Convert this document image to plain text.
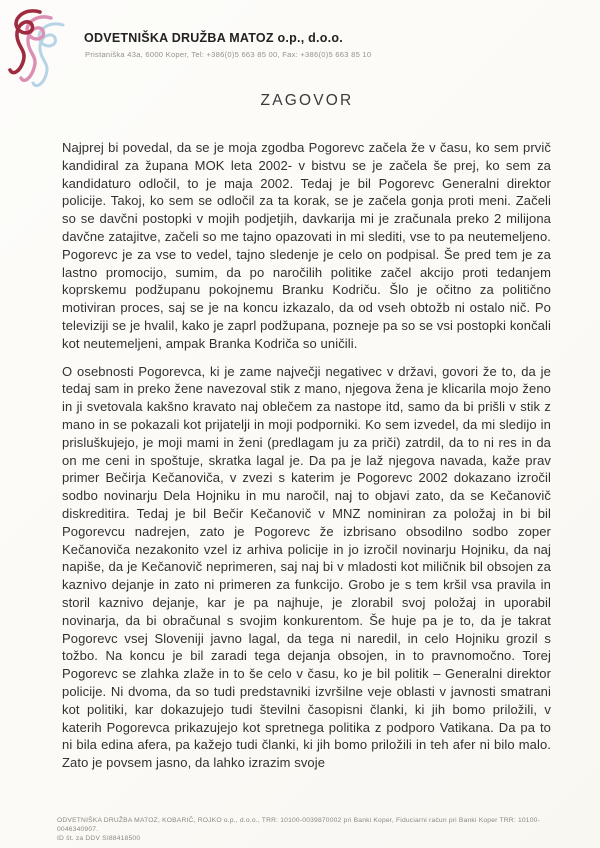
ODVETNIŠKA DRUŽBA MATOZ o.p., d.o.o.
Pristaniška 43a, 6000 Koper, Tel: +386(0)5 663 85 00, Fax: +386(0)5 663 85 10
ZAGOVOR

Najprej bi povedal, da se je moja zgodba Pogorevc začela že v času, ko sem prvič kandidiral za župana MOK leta 2002- v bistvu se je začela še prej, ko sem za kandidaturo odločil, to je maja 2002. Tedaj je bil Pogorevc Generalni direktor policije. Takoj, ko sem se odločil za ta korak, se je začela gonja proti meni. Začeli so se davčni postopki v mojih podjetjih, davkarija mi je zračunala preko 2 milijona davčne zatajitve, začeli so me tajno opazovati in mi slediti, vse to pa neutemeljeno. Pogorevc je za vse to vedel, tajno sledenje je celo on podpisal. Še pred tem je za lastno promocijo, sumim, da po naročilih politike začel akcijo proti tedanjem koprskemu podžupanu pokojnemu Branku Kodriču. Šlo je očitno za politično motiviran proces, saj se je na koncu izkazalo, da od vseh obtožb ni ostalo nič. Po televiziji se je hvalil, kako je zaprl podžupana, pozneje pa so se vsi postopki končali kot neutemeljeni, ampak Branka Kodriča so uničili.

O osebnosti Pogorevca, ki je zame največji negativec v državi, govori že to, da je tedaj sam in preko žene navezoval stik z mano, njegova žena je klicarila mojo ženo in ji svetovala kakšno kravato naj oblečem za nastope itd, samo da bi prišli v stik z mano in se pokazali kot prijatelji in moji podporniki. Ko sem izvedel, da mi sledijo in prisluškujejo, je moji mami in ženi (predlagam ju za priči) zatrdil, da to ni res in da on me ceni in spoštuje, skratka lagal je. Da pa je laž njegova navada, kaže prav primer Bečirja Kečanoviča, v zvezi s katerim je Pogorevc 2002 dokazano izročil sodbo novinarju Dela Hojniku in mu naročil, naj to objavi zato, da se Kečanovič diskreditira. Tedaj je bil Bečir Kečanovič v MNZ nominiran za položaj in bi bil Pogorevcu nadrejen, zato je Pogorevc že izbrisano obsodilno sodbo zoper Kečanoviča nezakonito vzel iz arhiva policije in jo izročil novinarju Hojniku, da naj napiše, da je Kečanovič neprimeren, saj naj bi v mladosti kot miličnik bil obsojen za kaznivo dejanje in zato ni primeren za funkcijo. Grobo je s tem kršil vsa pravila in storil kaznivo dejanje, kar je pa najhuje, je zlorabil svoj položaj in uporabil novinarja, da bi obračunal s svojim konkurentom. Še huje pa je to, da je takrat Pogorevc vsej Sloveniji javno lagal, da tega ni naredil, in celo Hojniku grozil s tožbo. Na koncu je bil zaradi tega dejanja obsojen, in to pravnomočno. Torej Pogorevc se zlahka zlaže in to še celo v času, ko je bil politik – Generalni direktor policije. Ni dvoma, da so tudi predstavniki izvršilne veje oblasti v javnosti smatrani kot politiki, kar dokazujejo tudi številni časopisni članki, ki jih bomo priložili, v katerih Pogorevca prikazujejo kot spretnega politika z podporo Vatikana. Da pa to ni bila edina afera, pa kažejo tudi članki, ki jih bomo priložili in teh afer ni bilo malo. Zato je povsem jasno, da lahko izrazim svoje

ODVETNIŠKA DRUŽBA MATOZ, KOBARIČ, ROJKO o.p., d.o.o., TRR: 10100-0039870002 pri Banki Koper, Fiduciarni račun pri Banki Koper TRR: 10100-0046340907.
ID št. za DDV SI88418500
